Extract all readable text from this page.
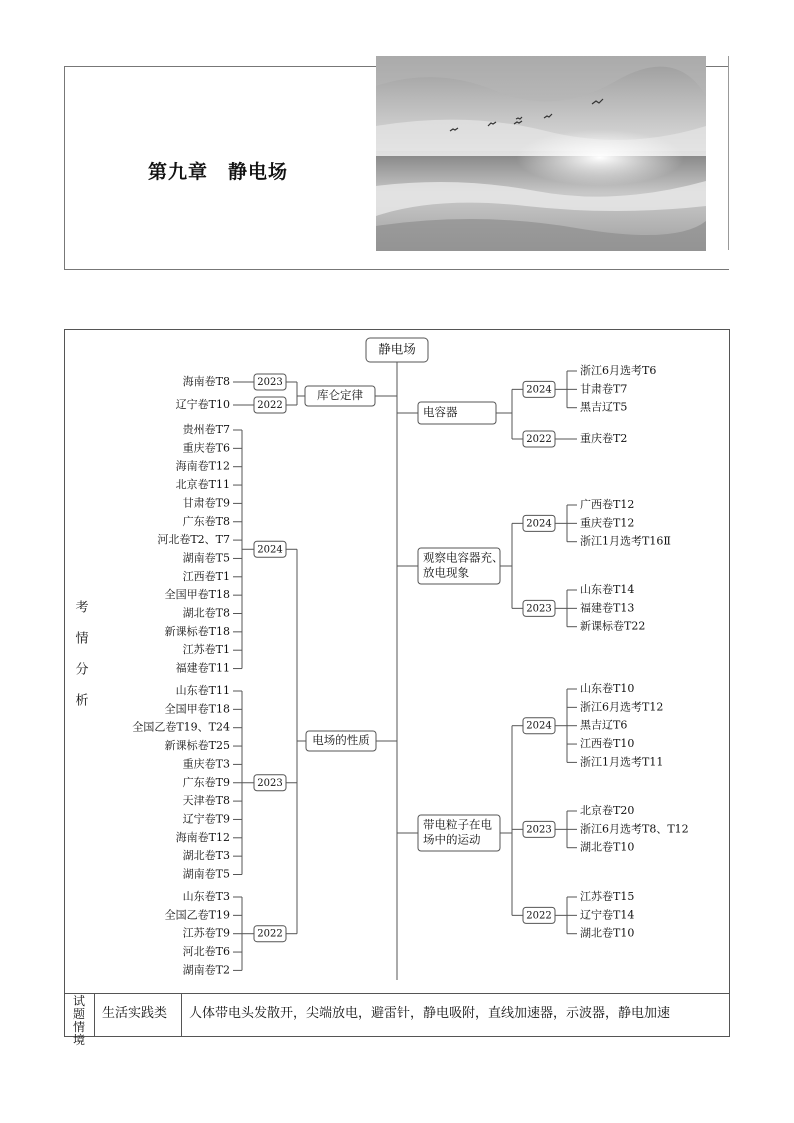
第九章　静电场
考情分析
静电场
库仑定律
海南卷T8	2023
辽宁卷T10	2022
电场的性质
贵州卷T7
重庆卷T6
海南卷T12
北京卷T11
甘肃卷T9
广东卷T8
河北卷T2、T7
湖南卷T5
江西卷T1
全国甲卷T18
湖北卷T8
新课标卷T18
江苏卷T1
福建卷T11
2024
山东卷T11
全国甲卷T18
全国乙卷T19、T24
新课标卷T25
重庆卷T3
广东卷T9
天津卷T8
辽宁卷T9
海南卷T12
湖北卷T3
湖南卷T5
2023
山东卷T3
全国乙卷T19
江苏卷T9
河北卷T6
湖南卷T2
2022
电容器
浙江6月选考T6
甘肃卷T7
黑吉辽T5
2024
重庆卷T2
2022
观察电容器充、
放电现象
广西卷T12
重庆卷T12
浙江1月选考T16Ⅱ
2024
山东卷T14
福建卷T13
新课标卷T22
2023
带电粒子在电
场中的运动
山东卷T10
浙江6月选考T12
黑吉辽T6
江西卷T10
浙江1月选考T11
2024
北京卷T20
浙江6月选考T8、T12
湖北卷T10
2023
江苏卷T15
辽宁卷T14
湖北卷T10
2022
试题情境
生活实践类	人体带电头发散开，尖端放电，避雷针，静电吸附，直线加速器，示波器，静电加速
